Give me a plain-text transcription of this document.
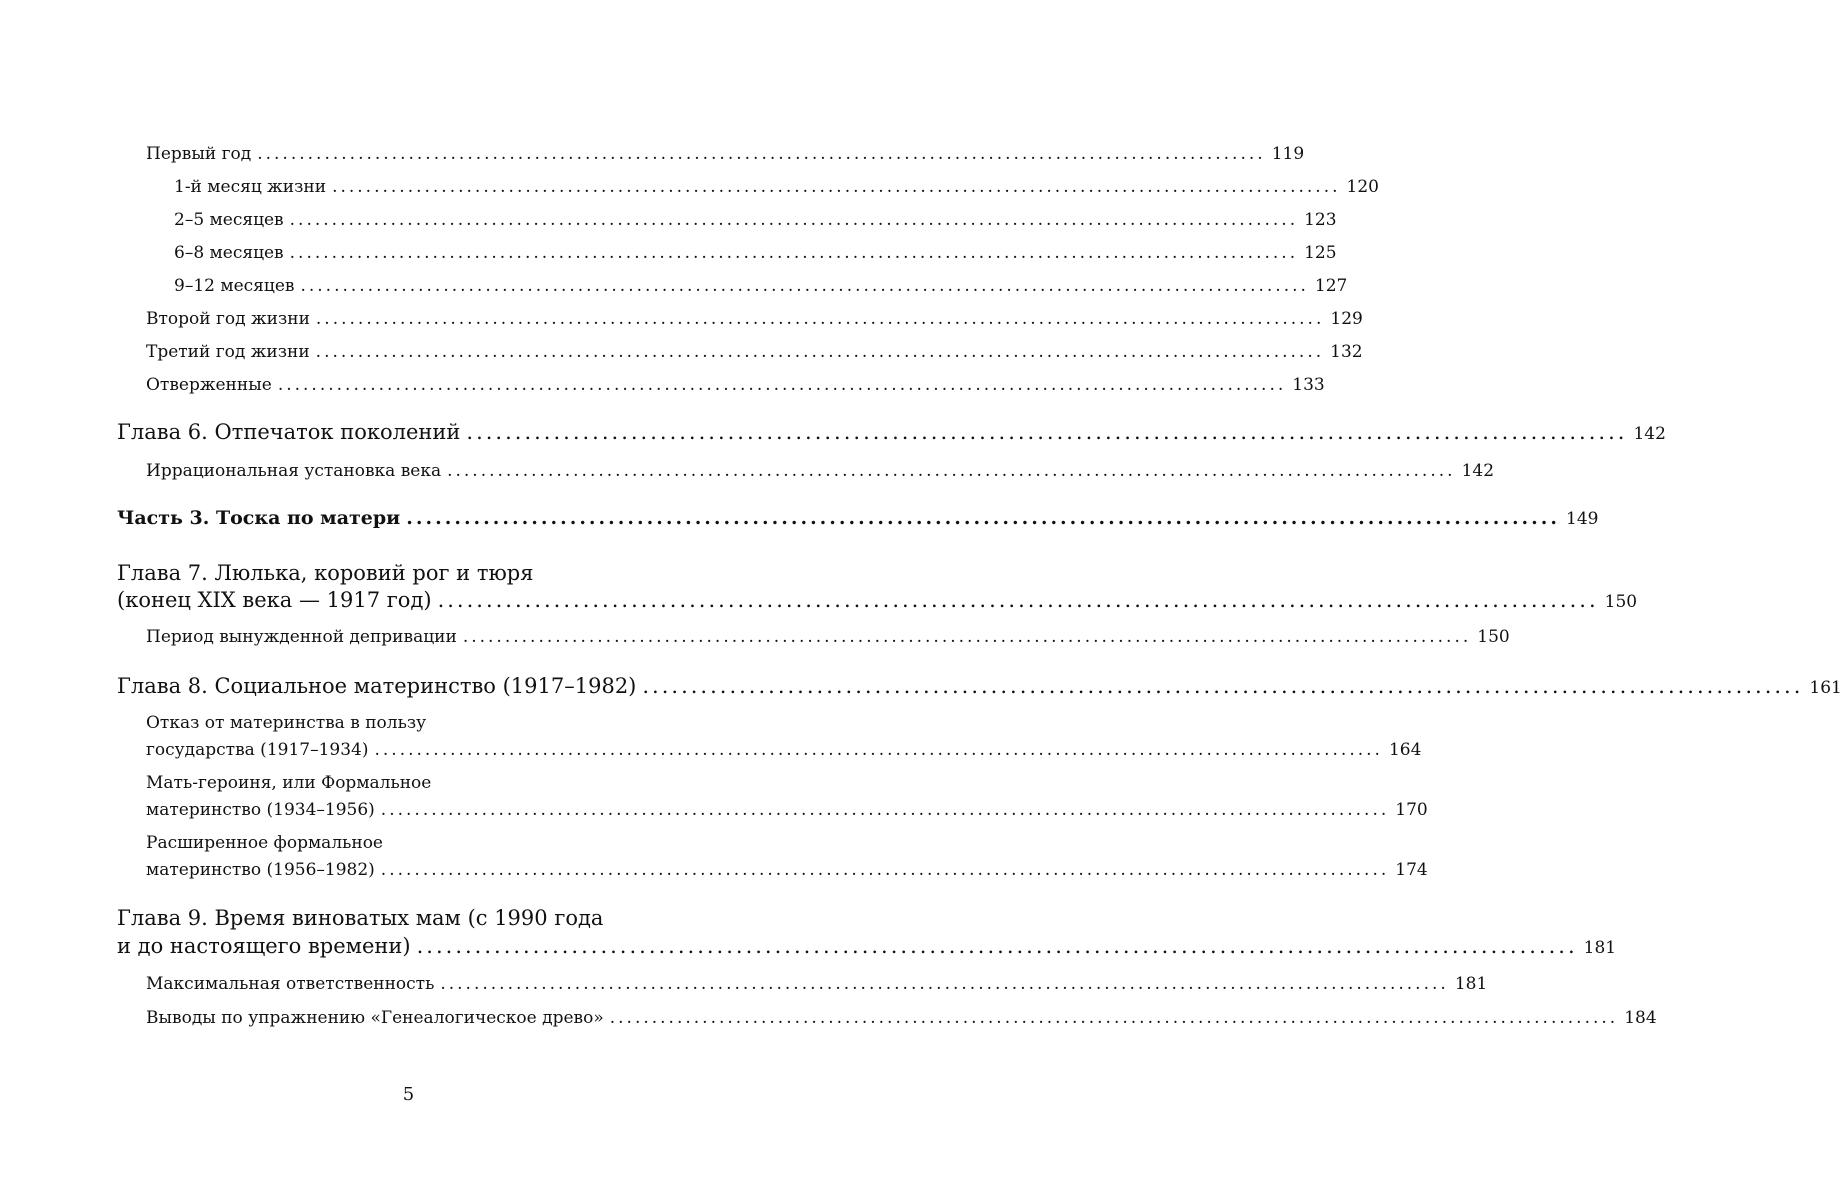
Первый год ........................................................................................................................ 119
1-й месяц жизни ........................................................................................................................ 120
2–5 месяцев ........................................................................................................................ 123
6–8 месяцев ........................................................................................................................ 125
9–12 месяцев ........................................................................................................................ 127
Второй год жизни ........................................................................................................................ 129
Третий год жизни ........................................................................................................................ 132
Отверженные ........................................................................................................................ 133
Глава 6. Отпечаток поколений ........................................................................................................................ 142
Иррациональная установка века ........................................................................................................................ 142
Часть 3. Тоска по матери ........................................................................................................................ 149
Глава 7. Люлька, коровий рог и тюря
(конец XIX века — 1917 год) ........................................................................................................................ 150
Период вынужденной депривации ........................................................................................................................ 150
Глава 8. Социальное материнство (1917–1982) ........................................................................................................................ 161
Отказ от материнства в пользу
государства (1917–1934) ........................................................................................................................ 164
Мать-героиня, или Формальное
материнство (1934–1956) ........................................................................................................................ 170
Расширенное формальное
материнство (1956–1982) ........................................................................................................................ 174
Глава 9. Время виноватых мам (с 1990 года
и до настоящего времени) ........................................................................................................................ 181
Максимальная ответственность ........................................................................................................................ 181
Выводы по упражнению «Генеалогическое древо» ........................................................................................................................ 184
5
